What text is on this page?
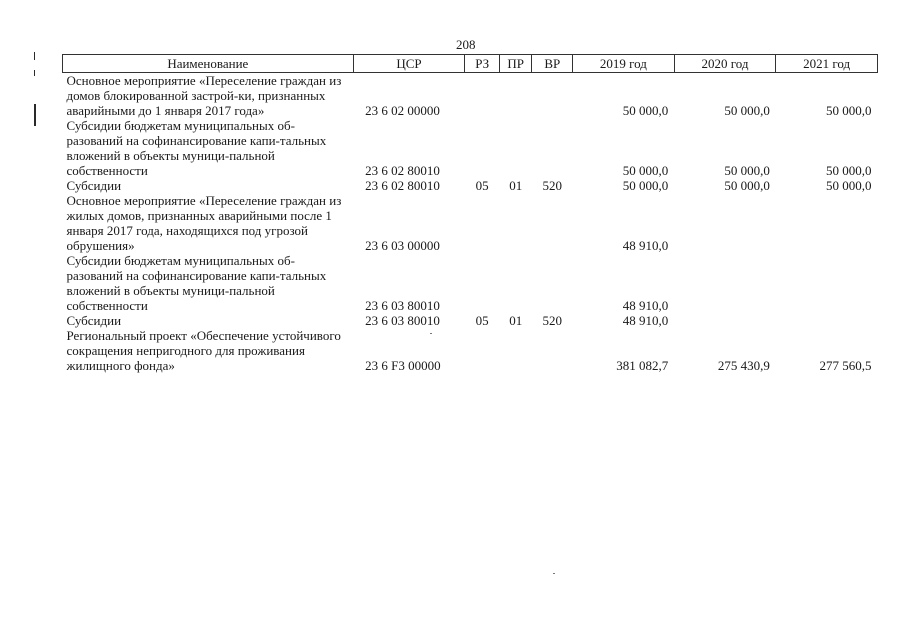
208
Наименование	ЦСР	РЗ	ПР	ВР	2019 год	2020 год	2021 год
Основное мероприятие «Переселение граждан из домов блокированной застрой-ки, признанных аварийными до 1 января 2017 года»	23 6 02 00000				50 000,0	50 000,0	50 000,0
Субсидии бюджетам муниципальных об-разований на софинансирование капи-тальных вложений в объекты муници-пальной собственности	23 6 02 80010				50 000,0	50 000,0	50 000,0
Субсидии	23 6 02 80010	05	01	520	50 000,0	50 000,0	50 000,0
Основное мероприятие «Переселение граждан из жилых домов, признанных аварийными после 1 января 2017 года, находящихся под угрозой обрушения»	23 6 03 00000				48 910,0		
Субсидии бюджетам муниципальных об-разований на софинансирование капи-тальных вложений в объекты муници-пальной собственности	23 6 03 80010				48 910,0		
Субсидии	23 6 03 80010	05	01	520	48 910,0		
Региональный проект «Обеспечение устойчивого сокращения непригодного для проживания жилищного фонда»	23 6 F3 00000				381 082,7	275 430,9	277 560,5
